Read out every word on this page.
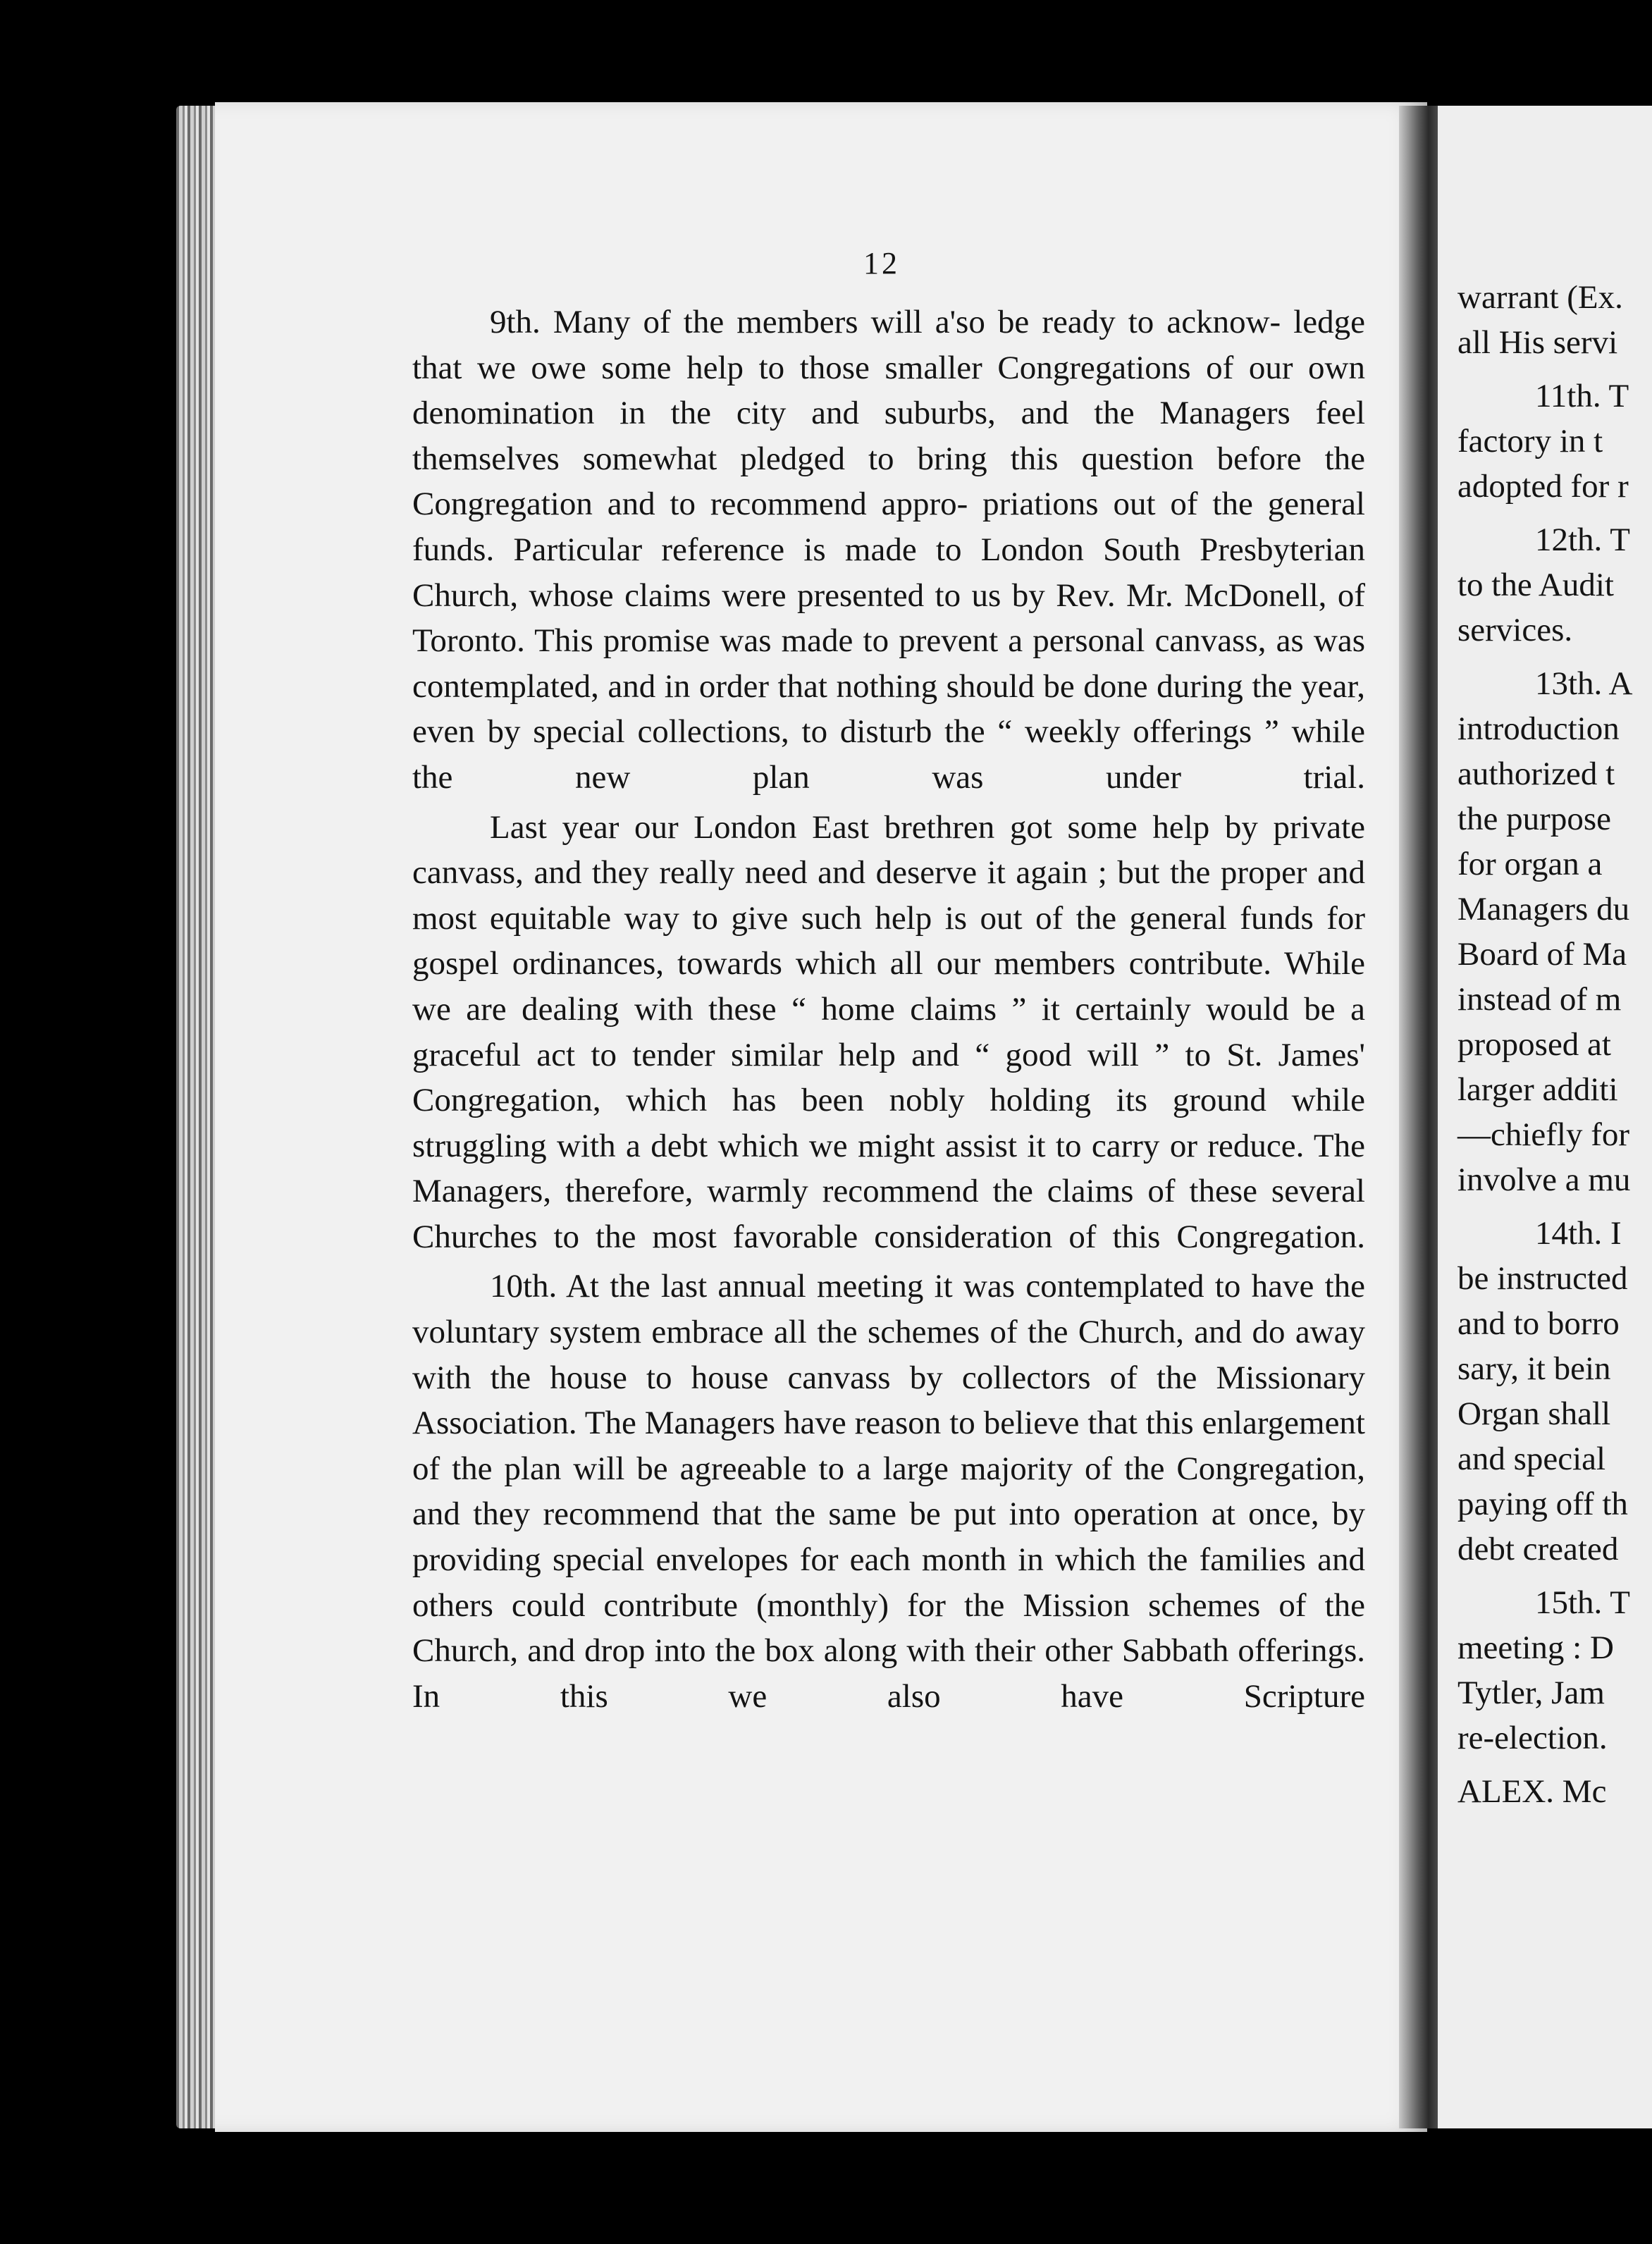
12

9th. Many of the members will a'so be ready to acknow- ledge that we owe some help to those smaller Congregations of our own denomination in the city and suburbs, and the Managers feel themselves somewhat pledged to bring this question before the Congregation and to recommend appro- priations out of the general funds. Particular reference is made to London South Presbyterian Church, whose claims were presented to us by Rev. Mr. McDonell, of Toronto. This promise was made to prevent a personal canvass, as was contemplated, and in order that nothing should be done during the year, even by special collections, to disturb the “ weekly offerings ” while the new plan was under trial.

Last year our London East brethren got some help by private canvass, and they really need and deserve it again ; but the proper and most equitable way to give such help is out of the general funds for gospel ordinances, towards which all our members contribute. While we are dealing with these “ home claims ” it certainly would be a graceful act to tender similar help and “ good will ” to St. James' Congregation, which has been nobly holding its ground while struggling with a debt which we might assist it to carry or reduce. The Managers, therefore, warmly recommend the claims of these several Churches to the most favorable consideration of this Congregation.

10th. At the last annual meeting it was contemplated to have the voluntary system embrace all the schemes of the Church, and do away with the house to house canvass by collectors of the Missionary Association. The Managers have reason to believe that this enlargement of the plan will be agreeable to a large majority of the Congregation, and they recommend that the same be put into operation at once, by providing special envelopes for each month in which the families and others could contribute (monthly) for the Mission schemes of the Church, and drop into the box along with their other Sabbath offerings. In this we also have Scripture

warrant (Ex.
all His servi
11th. T
factory in t
adopted for r
12th. T
to the Audit
services.
13th. A
introduction
authorized t
the purpose
for organ a
Managers du
Board of Ma
instead of m
proposed at
larger additi
—chiefly for
involve a mu
14th. I
be instructed
and to borro
sary, it bein
Organ shall
and special
paying off th
debt created
15th. T
meeting : D
Tytler, Jam
re-election.
ALEX. Mc
